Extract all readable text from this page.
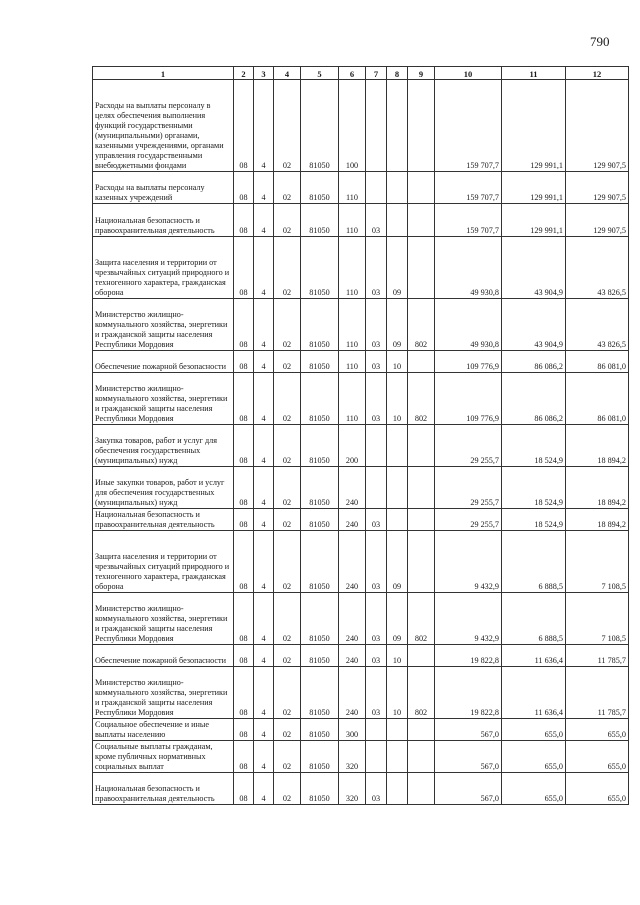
790
1	2	3	4	5	6	7	8	9	10	11	12
Расходы на выплаты персоналу в целях обеспечения выполнения функций государственными (муниципальными) органами, казенными учреждениями, органами управления государственными внебюджетными фондами	08	4	02	81050	100				159 707,7	129 991,1	129 907,5
Расходы на выплаты персоналу казенных учреждений	08	4	02	81050	110				159 707,7	129 991,1	129 907,5
Национальная безопасность и правоохранительная деятельность	08	4	02	81050	110	03			159 707,7	129 991,1	129 907,5
Защита населения и территории от чрезвычайных ситуаций природного и техногенного характера, гражданская оборона	08	4	02	81050	110	03	09		49 930,8	43 904,9	43 826,5
Министерство жилищно-коммунального хозяйства, энергетики и гражданской защиты населения Республики Мордовия	08	4	02	81050	110	03	09	802	49 930,8	43 904,9	43 826,5
Обеспечение пожарной безопасности	08	4	02	81050	110	03	10		109 776,9	86 086,2	86 081,0
Министерство жилищно-коммунального хозяйства, энергетики и гражданской защиты населения Республики Мордовия	08	4	02	81050	110	03	10	802	109 776,9	86 086,2	86 081,0
Закупка товаров, работ и услуг для обеспечения государственных (муниципальных) нужд	08	4	02	81050	200				29 255,7	18 524,9	18 894,2
Иные закупки товаров, работ и услуг для обеспечения государственных (муниципальных) нужд	08	4	02	81050	240				29 255,7	18 524,9	18 894,2
Национальная безопасность и правоохранительная деятельность	08	4	02	81050	240	03			29 255,7	18 524,9	18 894,2
Защита населения и территории от чрезвычайных ситуаций природного и техногенного характера, гражданская оборона	08	4	02	81050	240	03	09		9 432,9	6 888,5	7 108,5
Министерство жилищно-коммунального хозяйства, энергетики и гражданской защиты населения Республики Мордовия	08	4	02	81050	240	03	09	802	9 432,9	6 888,5	7 108,5
Обеспечение пожарной безопасности	08	4	02	81050	240	03	10		19 822,8	11 636,4	11 785,7
Министерство жилищно-коммунального хозяйства, энергетики и гражданской защиты населения Республики Мордовия	08	4	02	81050	240	03	10	802	19 822,8	11 636,4	11 785,7
Социальное обеспечение и иные выплаты населению	08	4	02	81050	300				567,0	655,0	655,0
Социальные выплаты гражданам, кроме публичных нормативных социальных выплат	08	4	02	81050	320				567,0	655,0	655,0
Национальная безопасность и правоохранительная деятельность	08	4	02	81050	320	03			567,0	655,0	655,0
